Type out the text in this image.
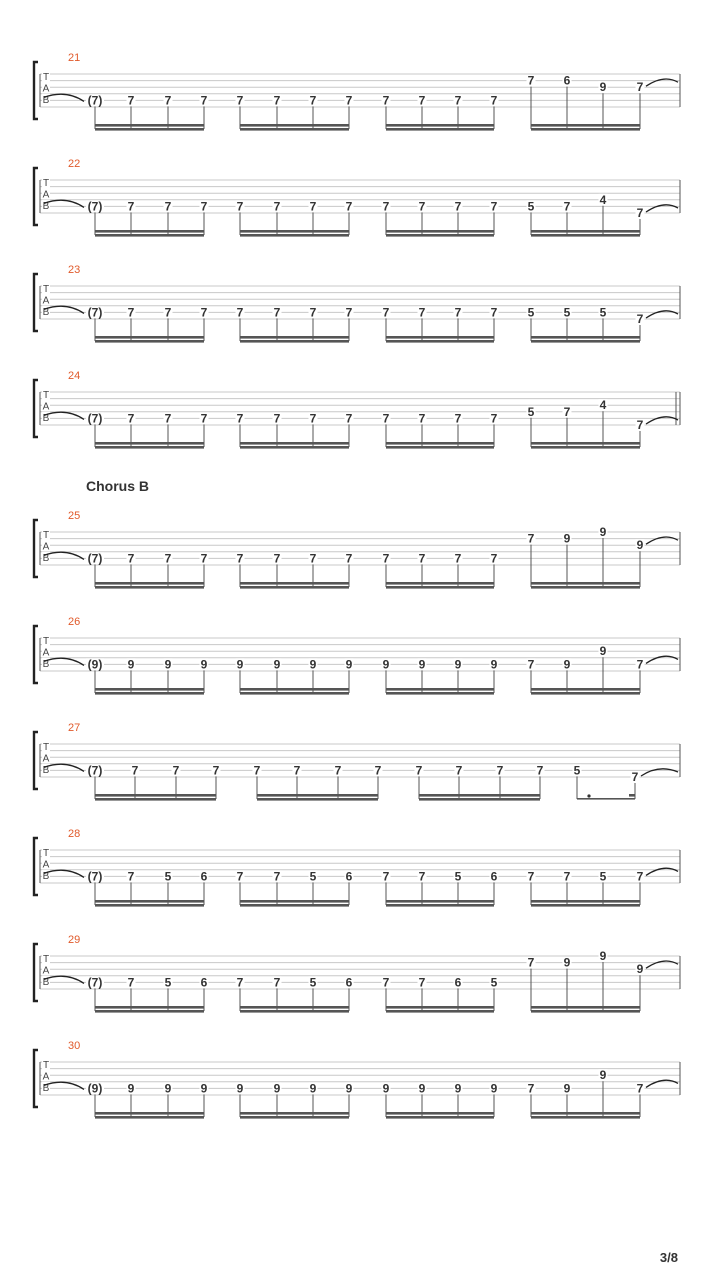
21
T
A
B	(7) 7	7 7 7	7 7 7	7 7 7 7
7 6 9	7
22
T
A
B	(7) 7	7 7 7	7 7 7	7 7 7 7	5 7 4
7
23
T
A
B	(7) 7	7 7 7	7 7 7	7 7 7 7	5 5 5	7
24
T
A
B	(7) 7	7 7 7	7 7 7	7 7 7 7	5 7 4
7
25
T
A
B	(7) 7	7 7 7	7 7 7	7 7 7 7
7 9 9
9
26
T
A
B	(9) 9	9 9 9	9 9 9	9 9 9 9	7 9
9
7
27
T
A
B	(7) 7	7	7	7	7	7	7	7	7	7	7	5	7
28
T
A
B	(7) 7	5 6 7	7 5 6	7 7 5 6	7 7 5	7
29
T
A
B	(7) 7	5 6 7	7 5 6	7 7 6 5
7 9 9
9
30
T
A
B	(9) 9	9 9 9	9 9 9	9 9 9 9	7 9
9
7
Chorus B
3/8
